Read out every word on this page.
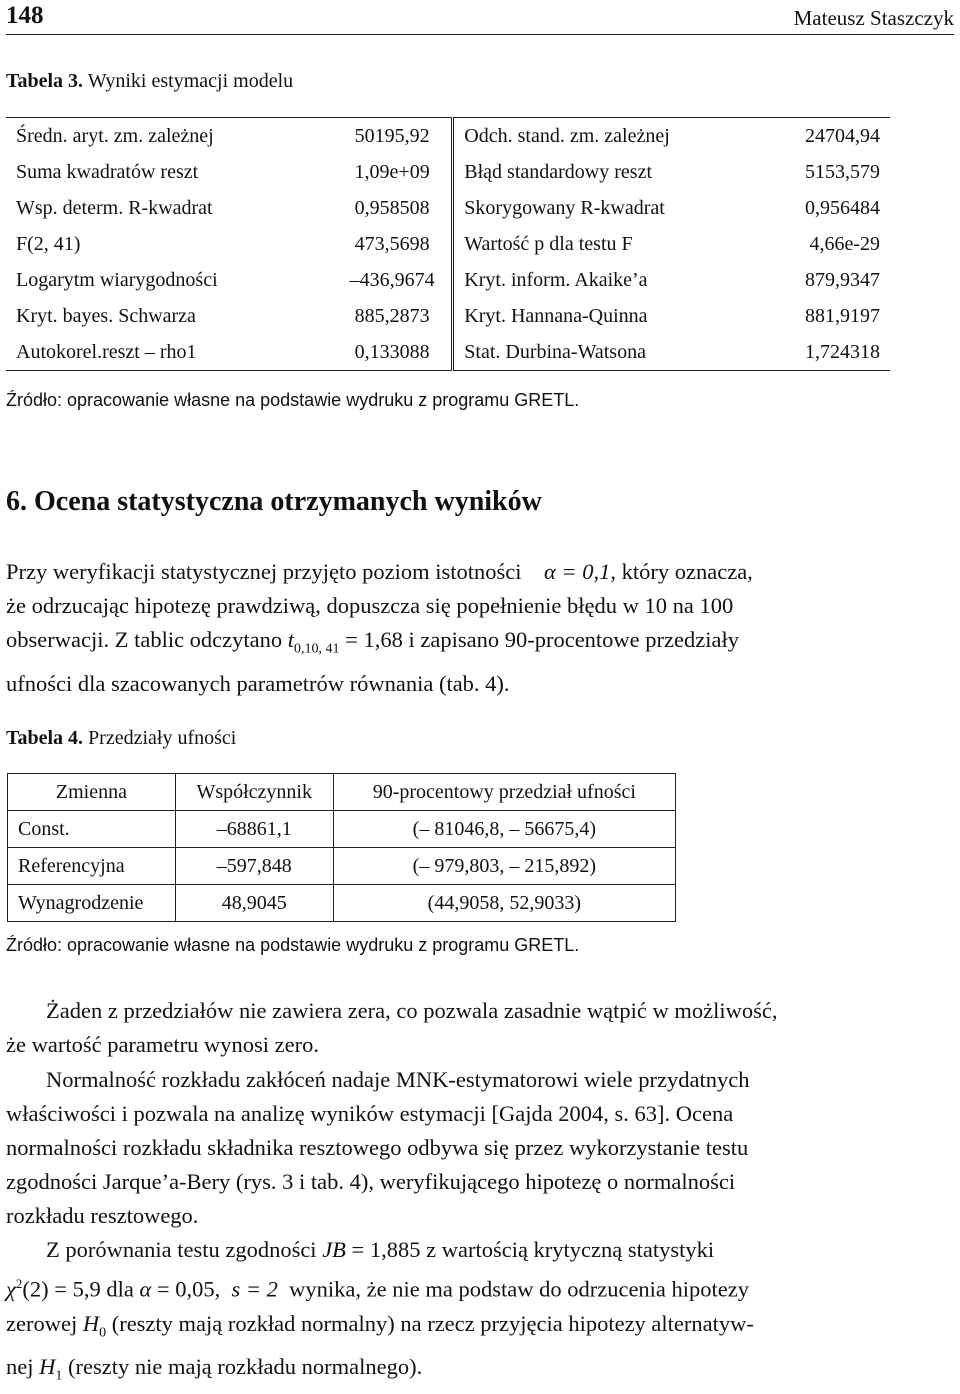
148	Mateusz Staszczyk
Tabela 3. Wyniki estymacji modelu
Średn. aryt. zm. zależnej	50195,92	Odch. stand. zm. zależnej	24704,94
Suma kwadratów reszt	1,09e+09	Błąd standardowy reszt	5153,579
Wsp. determ. R-kwadrat	0,958508	Skorygowany R-kwadrat	0,956484
F(2, 41)	473,5698	Wartość p dla testu F	4,66e-29
Logarytm wiarygodności	–436,9674	Kryt. inform. Akaike’a	879,9347
Kryt. bayes. Schwarza	885,2873	Kryt. Hannana-Quinna	881,9197
Autokorel.reszt – rho1	0,133088	Stat. Durbina-Watsona	1,724318
Źródło: opracowanie własne na podstawie wydruku z programu GRETL.
6. Ocena statystyczna otrzymanych wyników
Przy weryfikacji statystycznej przyjęto poziom istotności α = 0,1, który oznacza,
że odrzucając hipotezę prawdziwą, dopuszcza się popełnienie błędu w 10 na 100
obserwacji. Z tablic odczytano $t_{0,10, 41} = 1,68$ i zapisano 90-procentowe przedziały
ufności dla szacowanych parametrów równania (tab. 4).
Tabela 4. Przedziały ufności
Zmienna	Współczynnik	90-procentowy przedział ufności
Const.	–68861,1	(– 81046,8, – 56675,4)
Referencyjna	–597,848	(– 979,803, – 215,892)
Wynagrodzenie	48,9045	(44,9058, 52,9033)
Źródło: opracowanie własne na podstawie wydruku z programu GRETL.
Żaden z przedziałów nie zawiera zera, co pozwala zasadnie wątpić w możliwość,
że wartość parametru wynosi zero.
Normalność rozkładu zakłóceń nadaje MNK-estymatorowi wiele przydatnych
właściwości i pozwala na analizę wyników estymacji [Gajda 2004, s. 63]. Ocena
normalności rozkładu składnika resztowego odbywa się przez wykorzystanie testu
zgodności Jarque’a-Bery (rys. 3 i tab. 4), weryfikującego hipotezę o normalności
rozkładu resztowego.
Z porównania testu zgodności JB = 1,885 z wartością krytyczną statystyki
$\chi^2(2) = 5,9$ dla α = 0,05, s = 2 wynika, że nie ma podstaw do odrzucenia hipotezy
zerowej $H_0$ (reszty mają rozkład normalny) na rzecz przyjęcia hipotezy alternatyw-
nej $H_1$ (reszty nie mają rozkładu normalnego).
